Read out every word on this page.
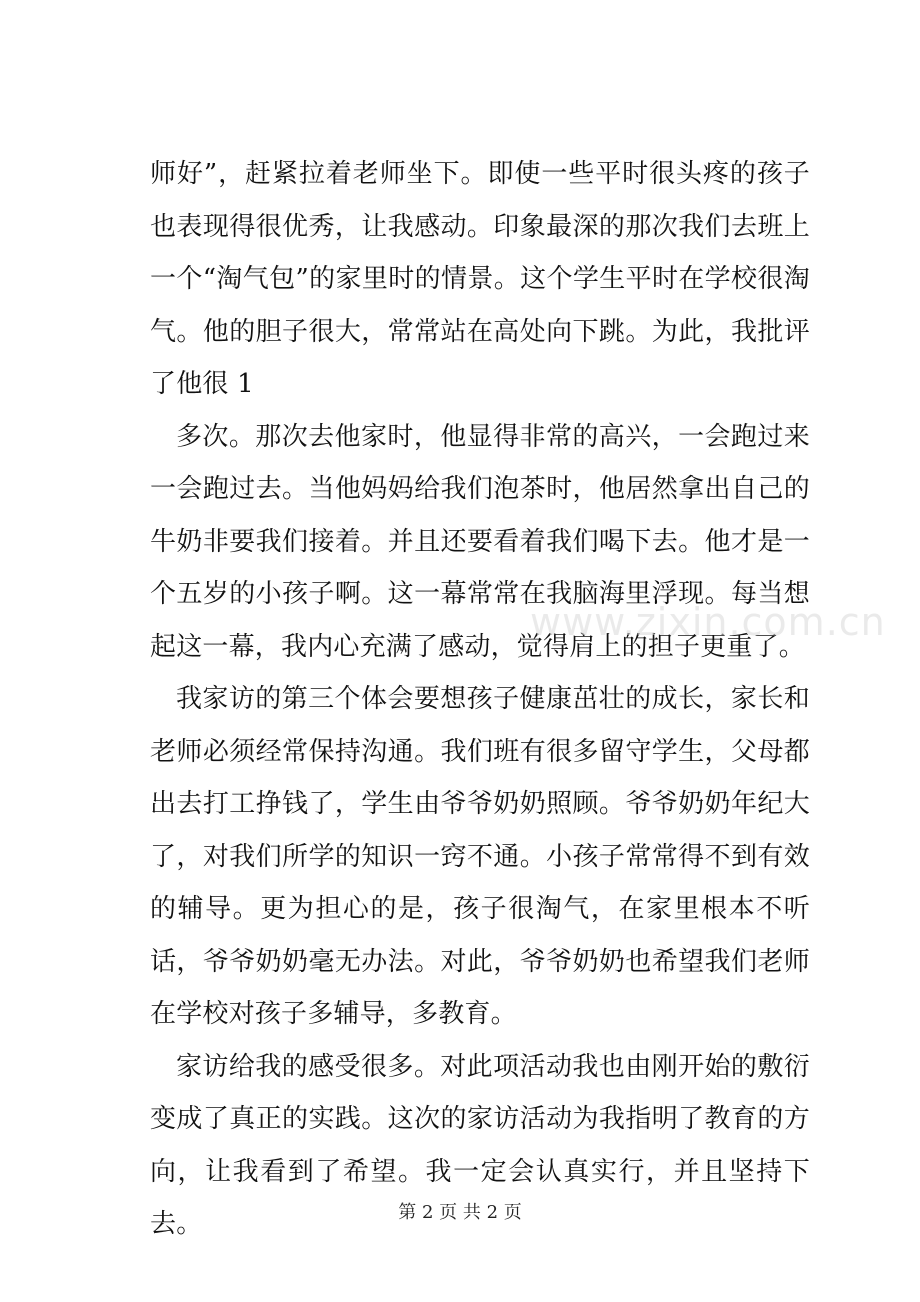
师好”，赶紧拉着老师坐下。即使一些平时很头疼的孩子也表现得很优秀，让我感动。印象最深的那次我们去班上一个“淘气包”的家里时的情景。这个学生平时在学校很淘气。他的胆子很大，常常站在高处向下跳。为此，我批评了他很 1

多次。那次去他家时，他显得非常的高兴，一会跑过来一会跑过去。当他妈妈给我们泡茶时，他居然拿出自己的牛奶非要我们接着。并且还要看着我们喝下去。他才是一个五岁的小孩子啊。这一幕常常在我脑海里浮现。每当想起这一幕，我内心充满了感动，觉得肩上的担子更重了。

我家访的第三个体会要想孩子健康茁壮的成长，家长和老师必须经常保持沟通。我们班有很多留守学生，父母都出去打工挣钱了，学生由爷爷奶奶照顾。爷爷奶奶年纪大了，对我们所学的知识一窍不通。小孩子常常得不到有效的辅导。更为担心的是，孩子很淘气，在家里根本不听话，爷爷奶奶毫无办法。对此，爷爷奶奶也希望我们老师在学校对孩子多辅导，多教育。

家访给我的感受很多。对此项活动我也由刚开始的敷衍变成了真正的实践。这次的家访活动为我指明了教育的方向，让我看到了希望。我一定会认真实行，并且坚持下去。

www.zixin.com.cn
第 2 页 共 2 页
